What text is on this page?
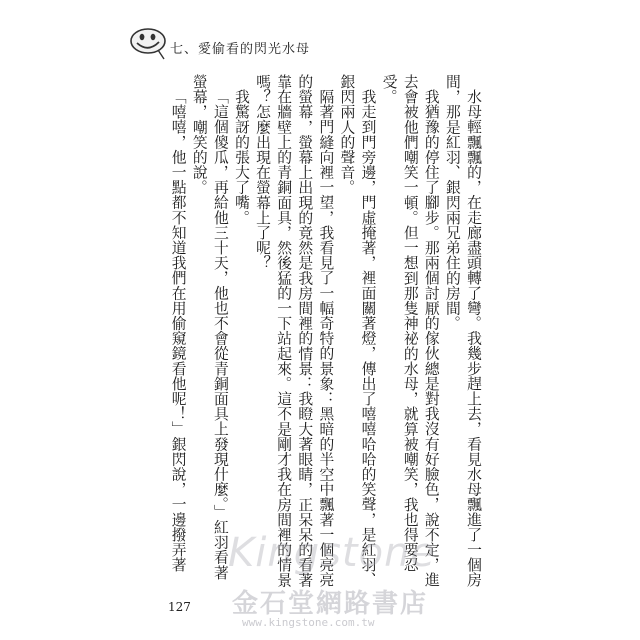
七、愛偷看的閃光水母

水母輕飄飄的，在走廊盡頭轉了彎。我幾步趕上去，看見水母飄進了一個房間，那是紅羽、銀閃兩兄弟住的房間。

我猶豫的停住了腳步。那兩個討厭的傢伙總是對我沒有好臉色，說不定，進去會被他們嘲笑一頓。但一想到那隻神祕的水母，就算被嘲笑，我也得要忍受。

我走到門旁邊，門虛掩著，裡面關著燈，傳出了嘻嘻哈哈的笑聲，是紅羽、銀閃兩人的聲音。

隔著門縫向裡一望，我看見了一幅奇特的景象：黑暗的半空中飄著一個亮亮的螢幕，螢幕上出現的竟然是我房間裡的情景：我瞪大著眼睛，正呆呆的看著靠在牆壁上的青銅面具，然後猛的一下站起來。這不是剛才我在房間裡的情景嗎？怎麼出現在螢幕上了呢？

我驚訝的張大了嘴。

「這個傻瓜，再給他三十天，他也不會從青銅面具上發現什麼。」紅羽看著螢幕，嘲笑的說。

「嘻嘻，他一點都不知道我們在用偷窺鏡看他呢！」銀閃說，一邊撥弄著

127
Kingstone
金石堂網路書店
www.kingstone.com.tw
